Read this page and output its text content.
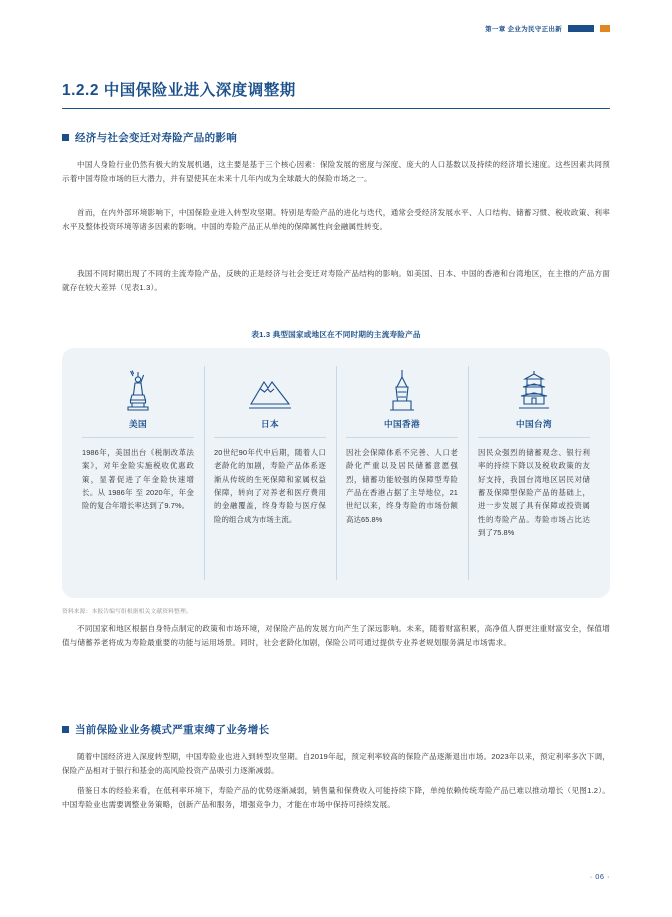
第一章 企业为民守正出新
1.2.2 中国保险业进入深度调整期
经济与社会变迁对寿险产品的影响

中国人身险行业仍然有极大的发展机遇，这主要是基于三个核心因素：保险发展的密度与深度、庞大的人口基数以及持续的经济增长速度。这些因素共同预示着中国寿险市场的巨大潜力，并有望使其在未来十几年内成为全球最大的保险市场之一。

首而，在内外部环境影响下，中国保险业进入转型攻坚期。特别是寿险产品的进化与迭代，通常会受经济发展水平、人口结构、储蓄习惯、税收政策、利率水平及整体投资环境等诸多因素的影响。中国的寿险产品正从单纯的保障属性向金融属性转变。

我国不同时期出现了不同的主流寿险产品，反映的正是经济与社会变迁对寿险产品结构的影响。如美国、日本、中国的香港和台湾地区，在主推的产品方面就存在较大差异（见表1.3）。

表1.3 典型国家或地区在不同时期的主流寿险产品
美国
1986年，美国出台《税制改革法案》，对年金险实施税收优惠政策，显著促进了年金险快速增长。从 1986年 至 2020年，年金险的复合年增长率达到了9.7%。
日本
20世纪90年代中后期，随着人口老龄化的加剧，寿险产品体系逐渐从传统的生死保障和家属权益保障，转向了对养老和医疗费用的金融覆盖，终身寿险与医疗保险的组合成为市场主流。
中国香港
因社会保障体系不完善、人口老龄化严重以及居民储蓄意愿强烈，储蓄功能较强的保障型寿险产品在香港占据了主导地位，21世纪以来，终身寿险的市场份额高达65.8%
中国台湾
因民众强烈的储蓄观念、银行利率的持续下降以及税收政策的友好支持，我国台湾地区居民对储蓄及保障型保险产品的基础上，进一步发展了具有保障或投资属性的寿险产品。寿险市场占比达到了75.8%
资料来源：本报告编写组根据相关文献资料整理。

不同国家和地区根据自身特点制定的政策和市场环境，对保险产品的发展方向产生了深远影响。未来，随着财富积累，高净值人群更注重财富安全，保值增值与储蓄养老将成为寿险最重要的功能与运用场景。同时，社会老龄化加剧，保险公司可通过提供专业养老规划服务满足市场需求。

当前保险业业务模式严重束缚了业务增长

随着中国经济进入深度转型期，中国寿险业也进入到转型攻坚期。自2019年起，预定利率较高的保险产品逐渐退出市场。2023年以来，预定利率多次下调，保险产品相对于银行和基金的高风险投资产品吸引力逐渐减弱。

借鉴日本的经验来看，在低利率环境下，寿险产品的优势逐渐减弱，销售量和保费收入可能持续下降，单纯依赖传统寿险产品已难以推动增长（见图1.2）。中国寿险业也需要调整业务策略，创新产品和服务，增强竞争力，才能在市场中保持可持续发展。

· 06 ·
